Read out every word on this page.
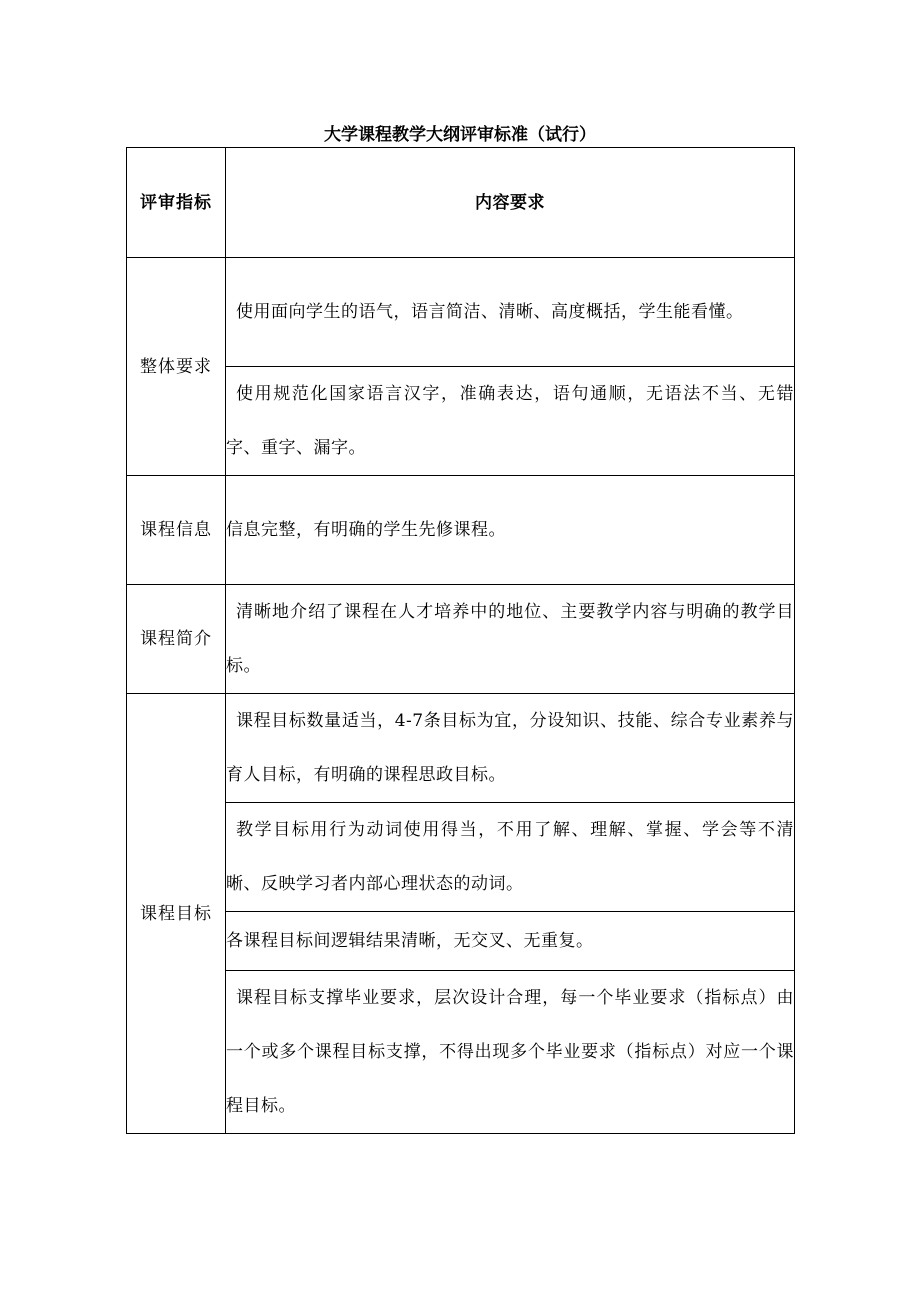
大学课程教学大纲评审标准（试行）
评审指标	内容要求
整体要求	使用面向学生的语气，语言简洁、清晰、高度概括，学生能看懂。
	使用规范化国家语言汉字，准确表达，语句通顺，无语法不当、无错字、重字、漏字。
课程信息	信息完整，有明确的学生先修课程。
课程简介	清晰地介绍了课程在人才培养中的地位、主要教学内容与明确的教学目标。
课程目标	课程目标数量适当，4-7条目标为宜，分设知识、技能、综合专业素养与育人目标，有明确的课程思政目标。
	教学目标用行为动词使用得当，不用了解、理解、掌握、学会等不清晰、反映学习者内部心理状态的动词。
	各课程目标间逻辑结果清晰，无交叉、无重复。
	课程目标支撑毕业要求，层次设计合理，每一个毕业要求（指标点）由一个或多个课程目标支撑，不得出现多个毕业要求（指标点）对应一个课程目标。
